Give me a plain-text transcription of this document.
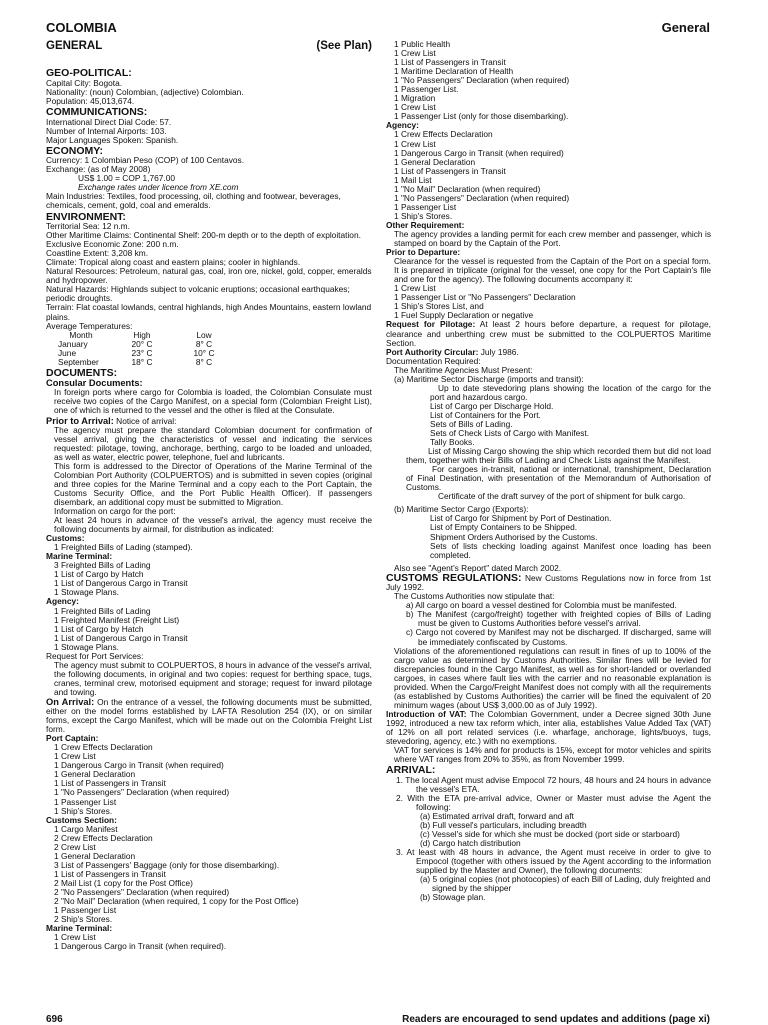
COLOMBIA	General
GENERAL	(See Plan)
GEO-POLITICAL:
Capital City: Bogota.
Nationality: (noun) Colombian, (adjective) Colombian.
Population: 45,013,674.
COMMUNICATIONS:
International Direct Dial Code: 57.
Number of Internal Airports: 103.
Major Languages Spoken: Spanish.
ECONOMY:
Currency: 1 Colombian Peso (COP) of 100 Centavos.
Exchange: (as of May 2008)
US$ 1.00 = COP 1,767.00
Exchange rates under licence from XE.com
Main Industries: Textiles, food processing, oil, clothing and footwear, beverages, chemicals, cement, gold, coal and emeralds.
ENVIRONMENT:
Territorial Sea: 12 n.m.
Other Maritime Claims: Continental Shelf: 200-m depth or to the depth of exploitation. Exclusive Economic Zone: 200 n.m.
Coastline Extent: 3,208 km.
Climate: Tropical along coast and eastern plains; cooler in highlands.
Natural Resources: Petroleum, natural gas, coal, iron ore, nickel, gold, copper, emeralds and hydropower.
Natural Hazards: Highlands subject to volcanic eruptions; occasional earthquakes; periodic droughts.
Terrain: Flat coastal lowlands, central highlands, high Andes Mountains, eastern lowland plains.
Average Temperatures:
Month	High	Low
January	20° C	8° C
June	23° C	10° C
September	18° C	8° C
DOCUMENTS:
Consular Documents:
In foreign ports where cargo for Colombia is loaded, the Colombian Consulate must receive two copies of the Cargo Manifest, on a special form (Colombian Freight List), one of which is returned to the vessel and the other is filed at the Consulate.
Prior to Arrival: Notice of arrival:
The agency must prepare the standard Colombian document for confirmation of vessel arrival, giving the characteristics of vessel and indicating the services requested: pilotage, towing, anchorage, berthing, cargo to be loaded and unloaded, as well as water, electric power, telephone, fuel and lubricants.
This form is addressed to the Director of Operations of the Marine Terminal of the Colombian Port Authority (COLPUERTOS) and is submitted in seven copies (original and three copies for the Marine Terminal and a copy each to the Port Captain, the Customs Security Office, and the Port Public Health Officer). If passengers disembark, an additional copy must be submitted to Migration.
Information on cargo for the port:
At least 24 hours in advance of the vessel's arrival, the agency must receive the following documents by airmail, for distribution as indicated:
Customs:
1 Freighted Bills of Lading (stamped).
Marine Terminal:
3 Freighted Bills of Lading
1 List of Cargo by Hatch
1 List of Dangerous Cargo in Transit
1 Stowage Plans.
Agency:
1 Freighted Bills of Lading
1 Freighted Manifest (Freight List)
1 List of Cargo by Hatch
1 List of Dangerous Cargo in Transit
1 Stowage Plans.
Request for Port Services:
The agency must submit to COLPUERTOS, 8 hours in advance of the vessel's arrival, the following documents, in original and two copies: request for berthing space, tugs, cranes, terminal crew, motorised equipment and storage; request for inward pilotage and towing.
On Arrival: On the entrance of a vessel, the following documents must be submitted, either on the model forms established by LAFTA Resolution 254 (IX), or on similar forms, except the Cargo Manifest, which will be made out on the Colombia Freight List form.
Port Captain:
1 Crew Effects Declaration
1 Crew List
1 Dangerous Cargo in Transit (when required)
1 General Declaration
1 List of Passengers in Transit
1 "No Passengers" Declaration (when required)
1 Passenger List
1 Ship's Stores.
Customs Section:
1 Cargo Manifest
2 Crew Effects Declaration
2 Crew List
1 General Declaration
3 List of Passengers' Baggage (only for those disembarking).
1 List of Passengers in Transit
2 Mail List (1 copy for the Post Office)
2 "No Passengers" Declaration (when required)
2 "No Mail" Declaration (when required, 1 copy for the Post Office)
1 Passenger List
2 Ship's Stores.
Marine Terminal:
1 Crew List
1 Dangerous Cargo in Transit (when required).
1 Public Health
1 Crew List
1 List of Passengers in Transit
1 Maritime Declaration of Health
1 "No Passengers" Declaration (when required)
1 Passenger List.
1 Migration
1 Crew List
1 Passenger List (only for those disembarking).
Agency:
1 Crew Effects Declaration
1 Crew List
1 Dangerous Cargo in Transit (when required)
1 General Declaration
1 List of Passengers in Transit
1 Mail List
1 "No Mail" Declaration (when required)
1 "No Passengers" Declaration (when required)
1 Passenger List
1 Ship's Stores.
Other Requirement:
The agency provides a landing permit for each crew member and passenger, which is stamped on board by the Captain of the Port.
Prior to Departure:
Clearance for the vessel is requested from the Captain of the Port on a special form. It is prepared in triplicate (original for the vessel, one copy for the Port Captain's file and one for the agency). The following documents accompany it:
1 Crew List
1 Passenger List or "No Passengers" Declaration
1 Ship's Stores List, and
1 Fuel Supply Declaration or negative
Request for Pilotage: At least 2 hours before departure, a request for pilotage, clearance and unberthing crew must be submitted to the COLPUERTOS Maritime Section.
Port Authority Circular: July 1986.
Documentation Required:
The Maritime Agencies Must Present:
(a) Maritime Sector Discharge (imports and transit):
Up to date stevedoring plans showing the location of the cargo for the port and hazardous cargo.
List of Cargo per Discharge Hold.
List of Containers for the Port.
Sets of Bills of Lading.
Sets of Check Lists of Cargo with Manifest.
Tally Books.
List of Missing Cargo showing the ship which recorded them but did not load them, together with their Bills of Lading and Check Lists against the Manifest.
For cargoes in-transit, national or international, transhipment, Declaration of Final Destination, with presentation of the Memorandum of Authorisation of Customs.
Certificate of the draft survey of the port of shipment for bulk cargo.
(b) Maritime Sector Cargo (Exports):
List of Cargo for Shipment by Port of Destination.
List of Empty Containers to be Shipped.
Shipment Orders Authorised by the Customs.
Sets of lists checking loading against Manifest once loading has been completed.
Also see "Agent's Report" dated March 2002.
CUSTOMS REGULATIONS: New Customs Regulations now in force from 1st July 1992.
The Customs Authorities now stipulate that:
a) All cargo on board a vessel destined for Colombia must be manifested.
b) The Manifest (cargo/freight) together with freighted copies of Bills of Lading must be given to Customs Authorities before vessel's arrival.
c) Cargo not covered by Manifest may not be discharged. If discharged, same will be immediately confiscated by Customs.
Violations of the aforementioned regulations can result in fines of up to 100% of the cargo value as determined by Customs Authorities. Similar fines will be levied for discrepancies found in the Cargo Manifest, as well as for short-landed or overlanded cargoes, in cases where fault lies with the carrier and no reasonable explanation is provided. When the Cargo/Freight Manifest does not comply with all the requirements (as established by Customs Authorities) the carrier will be fined the equivalent of 20 minimum wages (about US$ 3,000.00 as of July 1992).
Introduction of VAT: The Colombian Government, under a Decree signed 30th June 1992, introduced a new tax reform which, inter alia, establishes Value Added Tax (VAT) of 12% on all port related services (i.e. wharfage, anchorage, lights/buoys, tugs, stevedoring, agency, etc.) with no exemptions.
VAT for services is 14% and for products is 15%, except for motor vehicles and spirits where VAT ranges from 20% to 35%, as from November 1999.
ARRIVAL:
1. The local Agent must advise Empocol 72 hours, 48 hours and 24 hours in advance the vessel's ETA.
2. With the ETA pre-arrival advice, Owner or Master must advise the Agent the following:
(a) Estimated arrival draft, forward and aft
(b) Full vessel's particulars, including breadth
(c) Vessel's side for which she must be docked (port side or starboard)
(d) Cargo hatch distribution
3. At least with 48 hours in advance, the Agent must receive in order to give to Empocol (together with others issued by the Agent according to the information supplied by the Master and Owner), the following documents:
(a) 5 original copies (not photocopies) of each Bill of Lading, duly freighted and signed by the shipper
(b) Stowage plan.
696	Readers are encouraged to send updates and additions (page xi)
